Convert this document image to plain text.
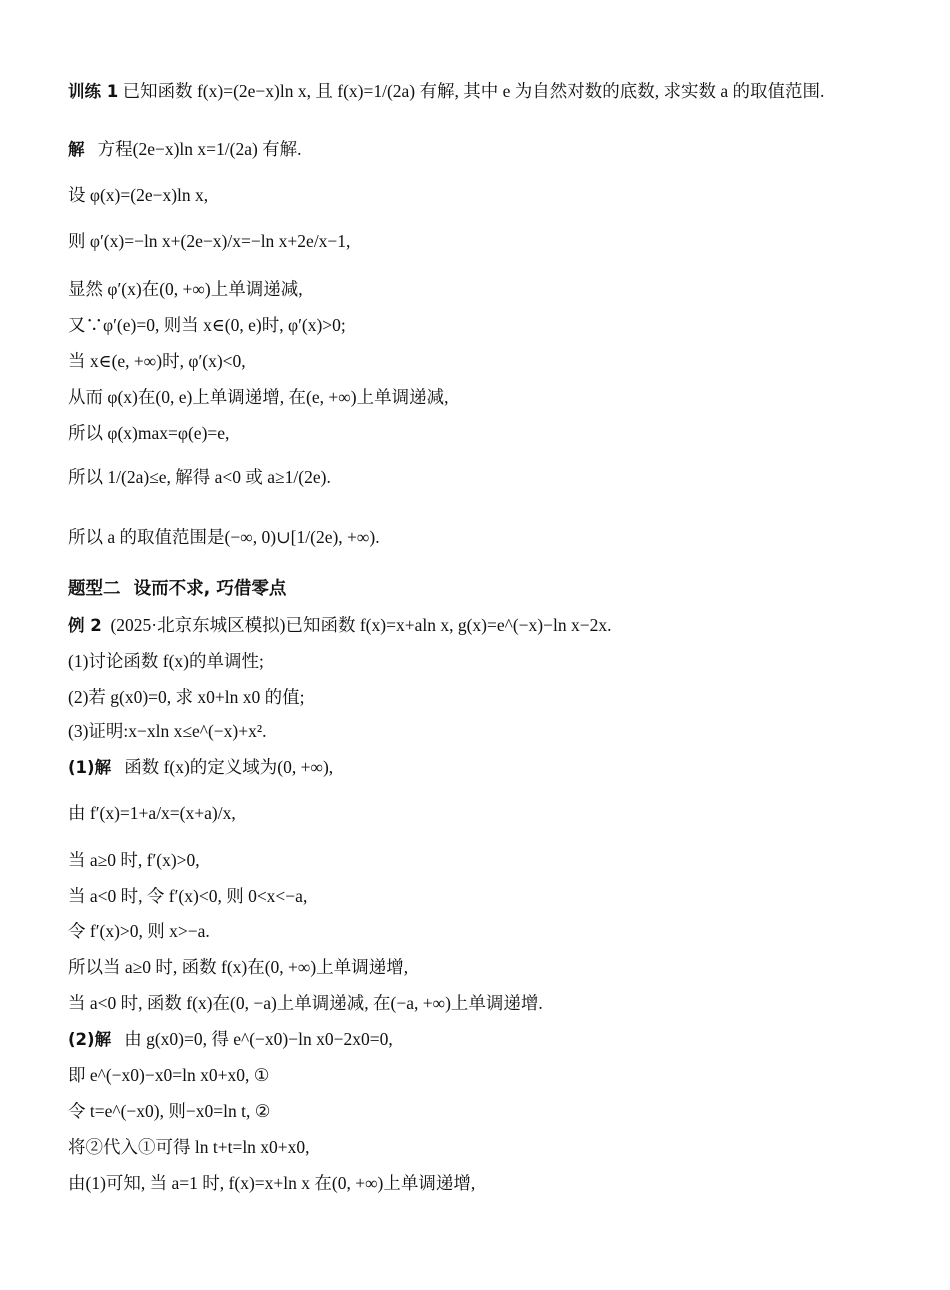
训练 1 已知函数 f(x)=(2e−x)ln x, 且 f(x)=1/(2a) 有解, 其中 e 为自然对数的底数, 求实数 a 的取值范围.
解 方程(2e−x)ln x=1/(2a) 有解.
设 φ(x)=(2e−x)ln x,
则 φ′(x)=−ln x+(2e−x)/x=−ln x+2e/x−1,
显然 φ′(x)在(0, +∞)上单调递减,
又∵φ′(e)=0, 则当 x∈(0, e)时, φ′(x)>0;
当 x∈(e, +∞)时, φ′(x)<0,
从而 φ(x)在(0, e)上单调递增, 在(e, +∞)上单调递减,
所以 φ(x)max=φ(e)=e,
所以 1/(2a)≤e, 解得 a<0 或 a≥1/(2e).
所以 a 的取值范围是(−∞, 0)∪[1/(2e), +∞).
题型二 设而不求, 巧借零点
例 2 (2025·北京东城区模拟)已知函数 f(x)=x+aln x, g(x)=e^(−x)−ln x−2x.
(1)讨论函数 f(x)的单调性;
(2)若 g(x0)=0, 求 x0+ln x0 的值;
(3)证明:x−xln x≤e^(−x)+x².
(1)解 函数 f(x)的定义域为(0, +∞),
由 f′(x)=1+a/x=(x+a)/x,
当 a≥0 时, f′(x)>0,
当 a<0 时, 令 f′(x)<0, 则 0<x<−a,
令 f′(x)>0, 则 x>−a.
所以当 a≥0 时, 函数 f(x)在(0, +∞)上单调递增,
当 a<0 时, 函数 f(x)在(0, −a)上单调递减, 在(−a, +∞)上单调递增.
(2)解 由 g(x0)=0, 得 e^(−x0)−ln x0−2x0=0,
即 e^(−x0)−x0=ln x0+x0, ①
令 t=e^(−x0), 则−x0=ln t, ②
将②代入①可得 ln t+t=ln x0+x0,
由(1)可知, 当 a=1 时, f(x)=x+ln x 在(0, +∞)上单调递增,
